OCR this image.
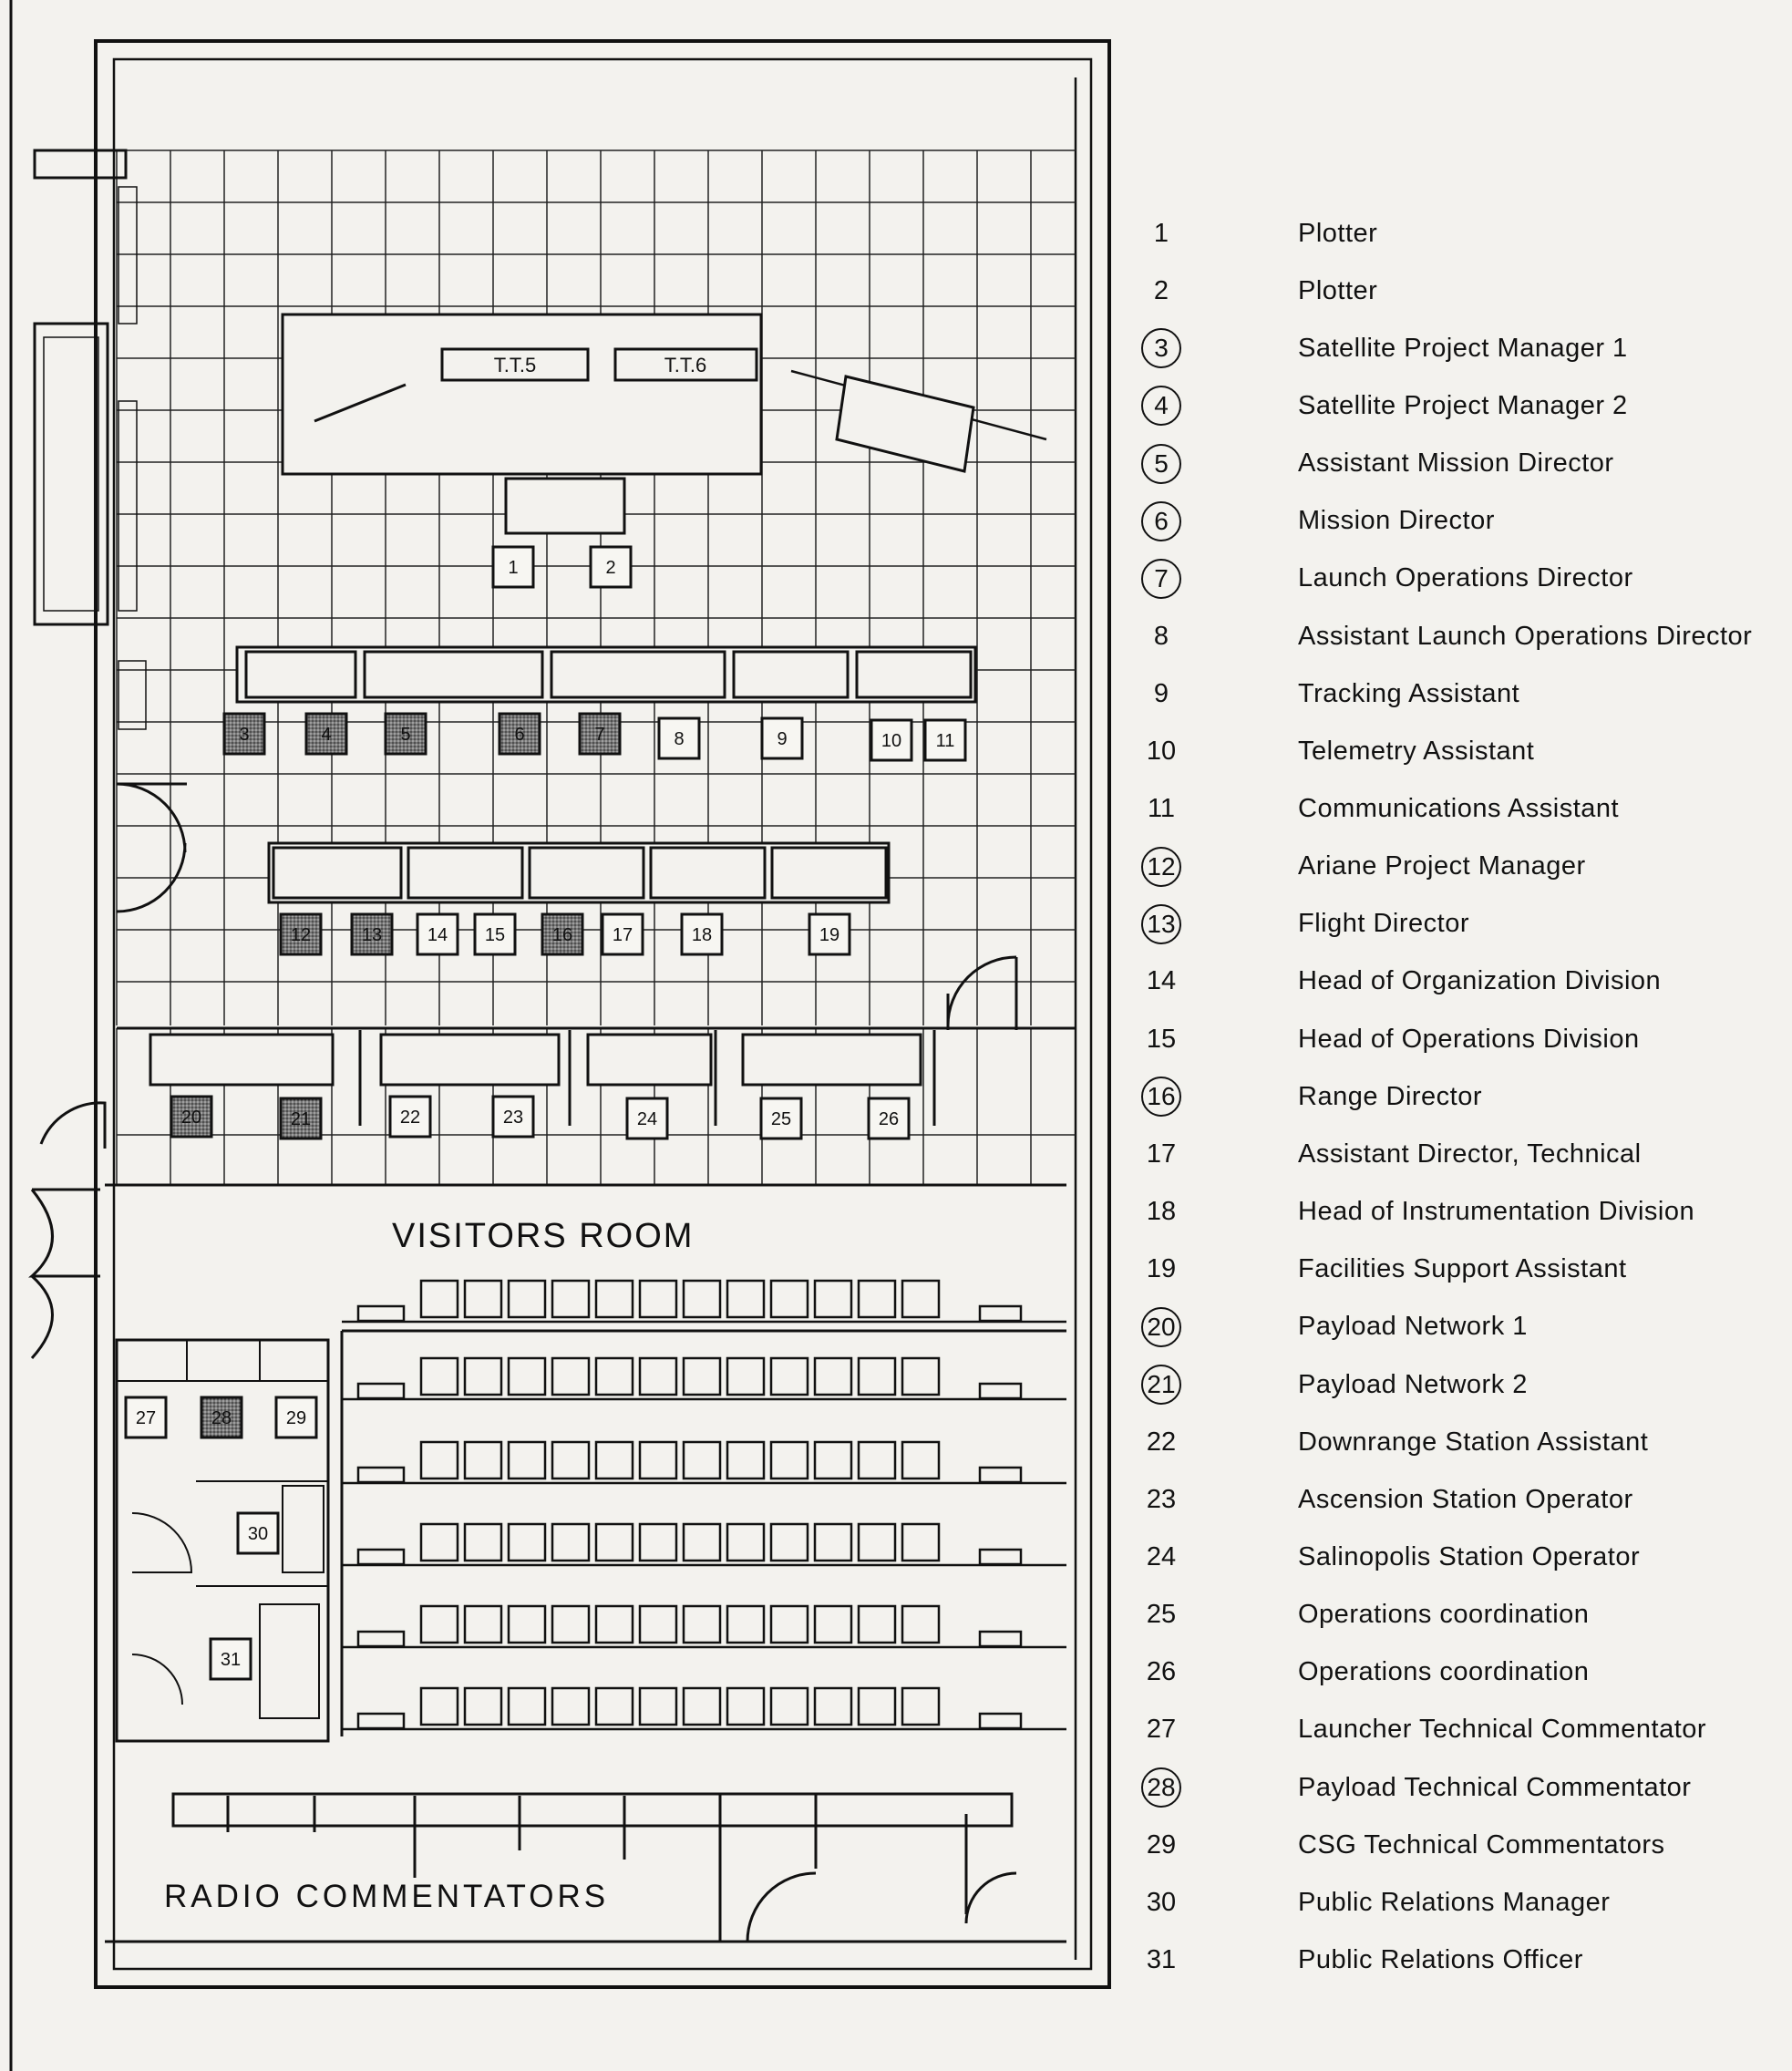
T.T.5	T.T.6
VISITORS ROOM
RADIO COMMENTATORS
1	2
3	4	5	6	7	8	9	10 11
12	13 14 15	16 17	18	19
20	21	22	23	24	25	26
27	28	29
30
31
1	Plotter
2	Plotter
3	Satellite Project Manager 1
4	Satellite Project Manager 2
5	Assistant Mission Director
6	Mission Director
7	Launch Operations Director
8	Assistant Launch Operations Director
9	Tracking Assistant
10	Telemetry Assistant
11	Communications Assistant
12	Ariane Project Manager
13	Flight Director
14	Head of Organization Division
15	Head of Operations Division
16	Range Director
17	Assistant Director, Technical
18	Head of Instrumentation Division
19	Facilities Support Assistant
20	Payload Network 1
21	Payload Network 2
22	Downrange Station Assistant
23	Ascension Station Operator
24	Salinopolis Station Operator
25	Operations coordination
26	Operations coordination
27	Launcher Technical Commentator
28	Payload Technical Commentator
29	CSG Technical Commentators
30	Public Relations Manager
31	Public Relations Officer
